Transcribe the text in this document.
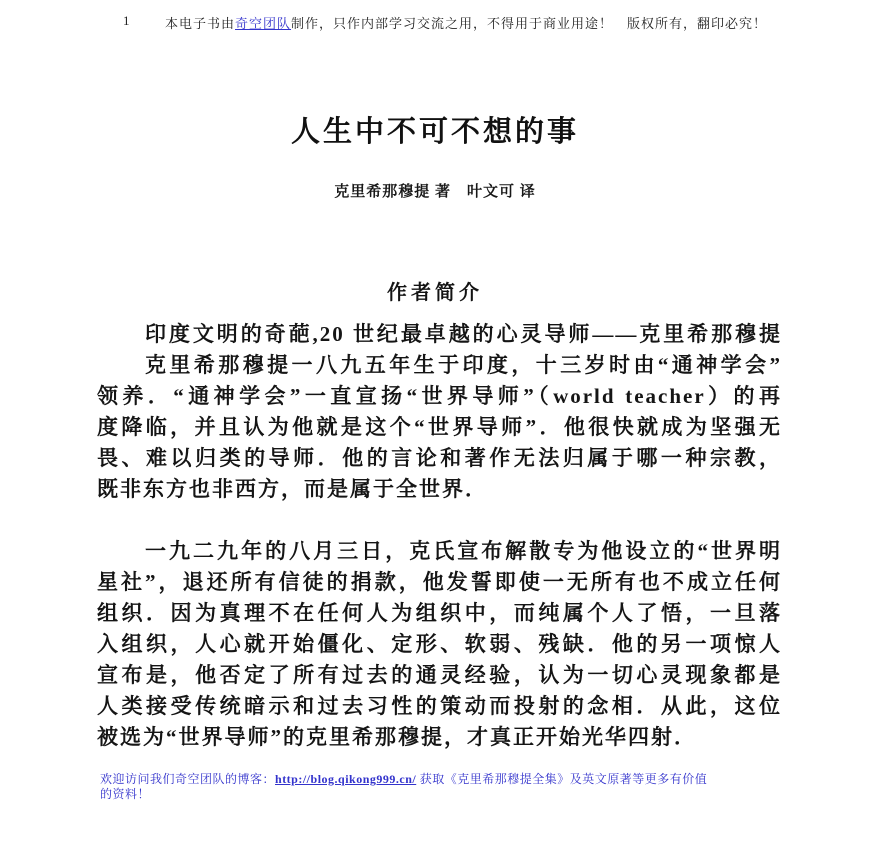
1	本电子书由奇空团队制作，只作内部学习交流之用，不得用于商业用途！　版权所有，翻印必究！
人生中不可不想的事
克里希那穆提 著　叶文可 译
作者简介
印度文明的奇葩,20 世纪最卓越的心灵导师——克里希那穆提
克里希那穆提一八九五年生于印度，十三岁时由“通神学会”
领养．“通神学会”一直宣扬“世界导师”（world teacher）的再
度降临，并且认为他就是这个“世界导师”．他很快就成为坚强无
畏、难以归类的导师．他的言论和著作无法归属于哪一种宗教，
既非东方也非西方，而是属于全世界．
一九二九年的八月三日，克氏宣布解散专为他设立的“世界明
星社”，退还所有信徒的捐款，他发誓即使一无所有也不成立任何
组织．因为真理不在任何人为组织中，而纯属个人了悟，一旦落
入组织，人心就开始僵化、定形、软弱、残缺．他的另一项惊人
宣布是，他否定了所有过去的通灵经验，认为一切心灵现象都是
人类接受传统暗示和过去习性的策动而投射的念相．从此，这位
被选为“世界导师”的克里希那穆提，才真正开始光华四射．
欢迎访问我们奇空团队的博客：http://blog.qikong999.cn/ 获取《克里希那穆提全集》及英文原著等更多有价值
的资料！
